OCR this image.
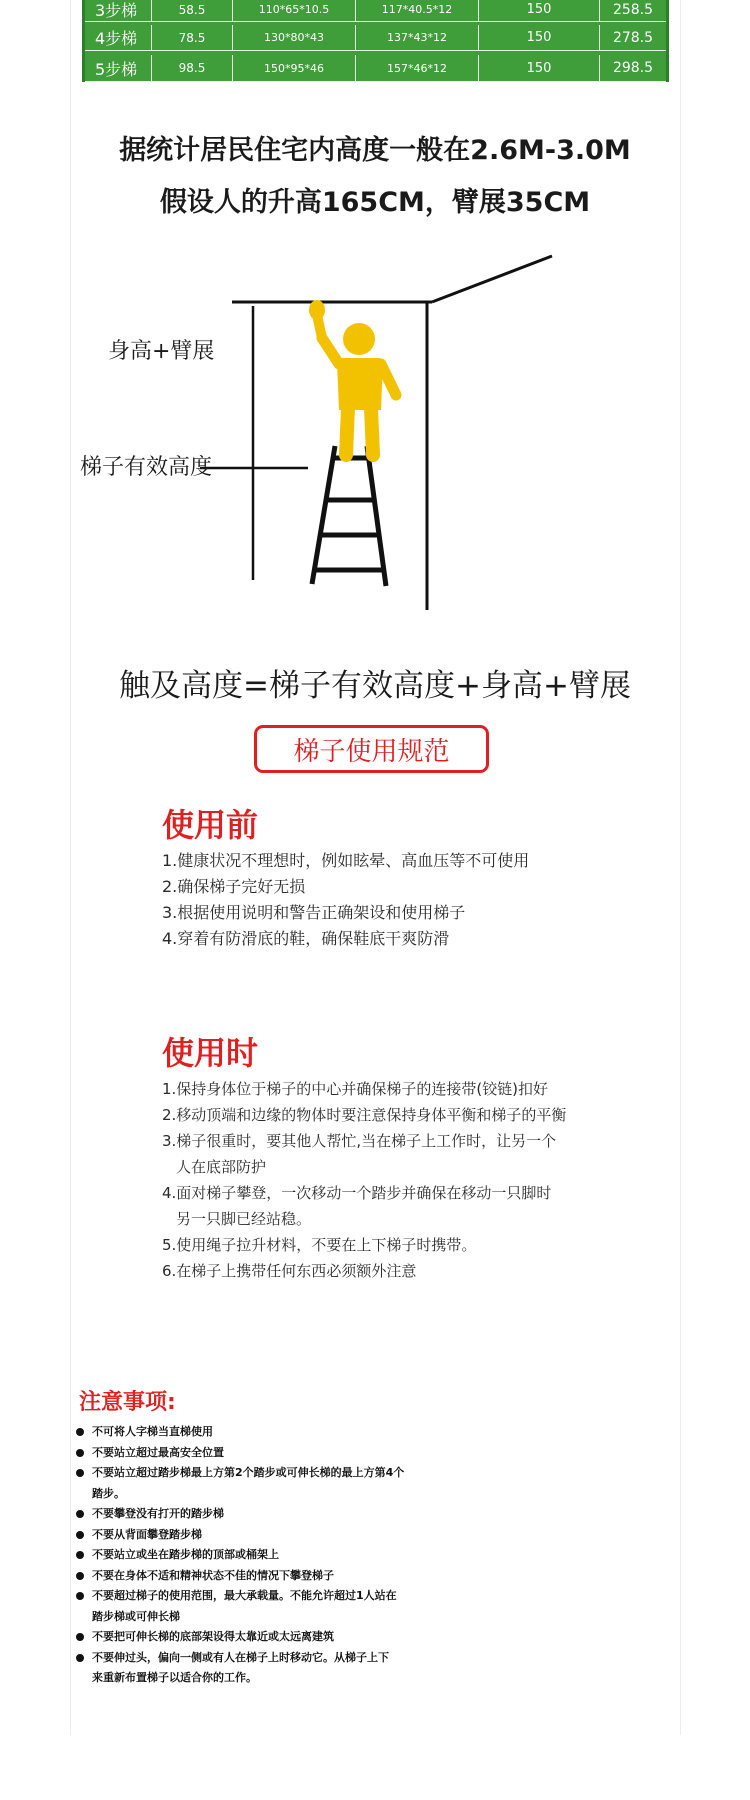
3步梯	58.5	110*65*10.5	117*40.5*12	150	258.5
4步梯	78.5	130*80*43	137*43*12	150	278.5
5步梯	98.5	150*95*46	157*46*12	150	298.5
据统计居民住宅内高度一般在2.6M-3.0M
假设人的升高165CM，臂展35CM
身高+臂展
梯子有效高度
触及高度=梯子有效高度+身高+臂展
梯子使用规范
使用前
1.健康状况不理想时，例如眩晕、高血压等不可使用
2.确保梯子完好无损
3.根据使用说明和警告正确架设和使用梯子
4.穿着有防滑底的鞋，确保鞋底干爽防滑
使用时
1.保持身体位于梯子的中心并确保梯子的连接带(铰链)扣好
2.移动顶端和边缘的物体时要注意保持身体平衡和梯子的平衡
3.梯子很重时，要其他人帮忙,当在梯子上工作时，让另一个
人在底部防护
4.面对梯子攀登，一次移动一个踏步并确保在移动一只脚时
另一只脚已经站稳。
5.使用绳子拉升材料，不要在上下梯子时携带。
6.在梯子上携带任何东西必须额外注意
注意事项:
不可将人字梯当直梯使用
不要站立超过最高安全位置
不要站立超过踏步梯最上方第2个踏步或可伸长梯的最上方第4个
踏步。
不要攀登没有打开的踏步梯
不要从背面攀登踏步梯
不要站立或坐在踏步梯的顶部或桶架上
不要在身体不适和精神状态不佳的情况下攀登梯子
不要超过梯子的使用范围，最大承载量。不能允许超过1人站在
踏步梯或可伸长梯
不要把可伸长梯的底部架设得太靠近或太远离建筑
不要伸过头，偏向一侧或有人在梯子上时移动它。从梯子上下
来重新布置梯子以适合你的工作。
